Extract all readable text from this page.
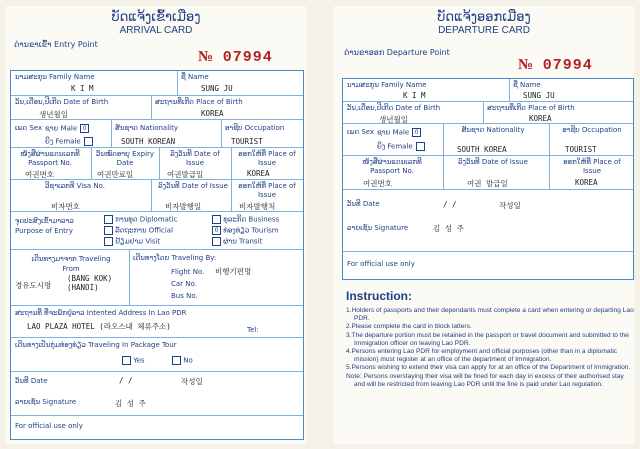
ບັດແຈ້ງເຂົ້າເມືອງ
ARRIVAL CARD
ດ່ານຂາເຂົ້າ Entry Point
№ 07994
ນາມສະກຸນ Family Name
K I M
ຊື່ Name
SUNG JU
ວັນ,ເດືອນ,ປີເກີດ Date of Birth
생년월일
ສະຖານທີ່ເກີດ Place of Birth
KOREA
ເພດ Sex ຊາຍ Male 0
ຍິງ Female
ສັນຊາດ Nationality
SOUTH KOREAN
ອາຊີບ Occupation
TOURIST
ໜັງສືຜ່ານແດນເລກທີ Passport No.
여권번호
ວັນໝົດອາຍຸ Expiry Date
여권만료일
ລົງວັນທີ Date of Issue
여권발급일
ອອກໃຫ້ທີ່ Place of Issue
KOREA
ວີຊາເລກທີ Visa No.
비자번호
ລົງວັນທີ Date of Issue
비자발행일
ອອກໃຫ້ທີ່ Place of Issue
비자발행처
ຈຸດປະສົງເຂົ້າມາລາວ Purpose of Entry
ການທູດ Diplomatic
ລັດຖະການ Official
ຢ້ຽມຢາມ Visit
ທຸລະກິດ Business
0 ທ່ອງທ່ຽວ Tourism
ຜ່ານ Transit
ເດີນທາງມາຈາກ Traveling From
경유도시명
(BANG KOK)
(HANOI)
ເດີນທາງໂດຍ Traveling By:
Flight No. 비행기편명
Car No.
Bus No.
ສະຖານທີ່ ທີ່ຈະພັກຢູ່ລາວ Intented Address In Lao PDR
LAO PLAZA HOTEL (라오스내 체류주소)	Tel:
ເດີນທາງເປັນກຸ່ມທ່ອງທ່ຽວ Traveling In Package Tour
Yes	No
ວັນທີ Date	/ /	작성일
ລາຍເຊັນ Signature	김 성 주
For official use only
ບັດແຈ້ງອອກເມືອງ
DEPARTURE CARD
ດ່ານຂາອອກ Departure Point
№ 07994
ນາມສະກຸນ Family Name
K I M
ຊື່ Name
SUNG JU
ວັນ,ເດືອນ,ປີເກີດ Date of Birth
생년월일
ສະຖານທີ່ເກີດ Place of Birth
KOREA
ເພດ Sex ຊາຍ Male 0
ຍິງ Female
ສັນຊາດ Nationality
SOUTH KOREA
ອາຊີບ Occupation
TOURIST
ໜັງສືຜ່ານແດນເລກທີ Passport No.
여권번호
ລົງວັນທີ Date of Issue
여권 발급일
ອອກໃຫ້ທີ່ Place of Issue
KOREA
ວັນທີ Date	/ /	작성일
ລາຍເຊັນ Signature	김 성 주
For official use only
Instruction:

1.Holders of passports and their dependants must complete a card when entering or departing Lao PDR.

2.Please complete the card in block latters.

3.The departure portion must be retained in the passport or travel document and submitted to the Immigration officer on leaving Lao PDR.

4.Persons entering Lao PDR for employment and official purposes (other than in a diplomatic mission) must register at an office of the department of Immigration.

5.Persons wishing to extend their visa can apply for at an office of the Department of Immigration.

Note: Persons overstaying their visa will be fined for each day in excess of their authorised stay and will be restricted from leaving Lao PDR until the fine is paid under Lao regulation.
